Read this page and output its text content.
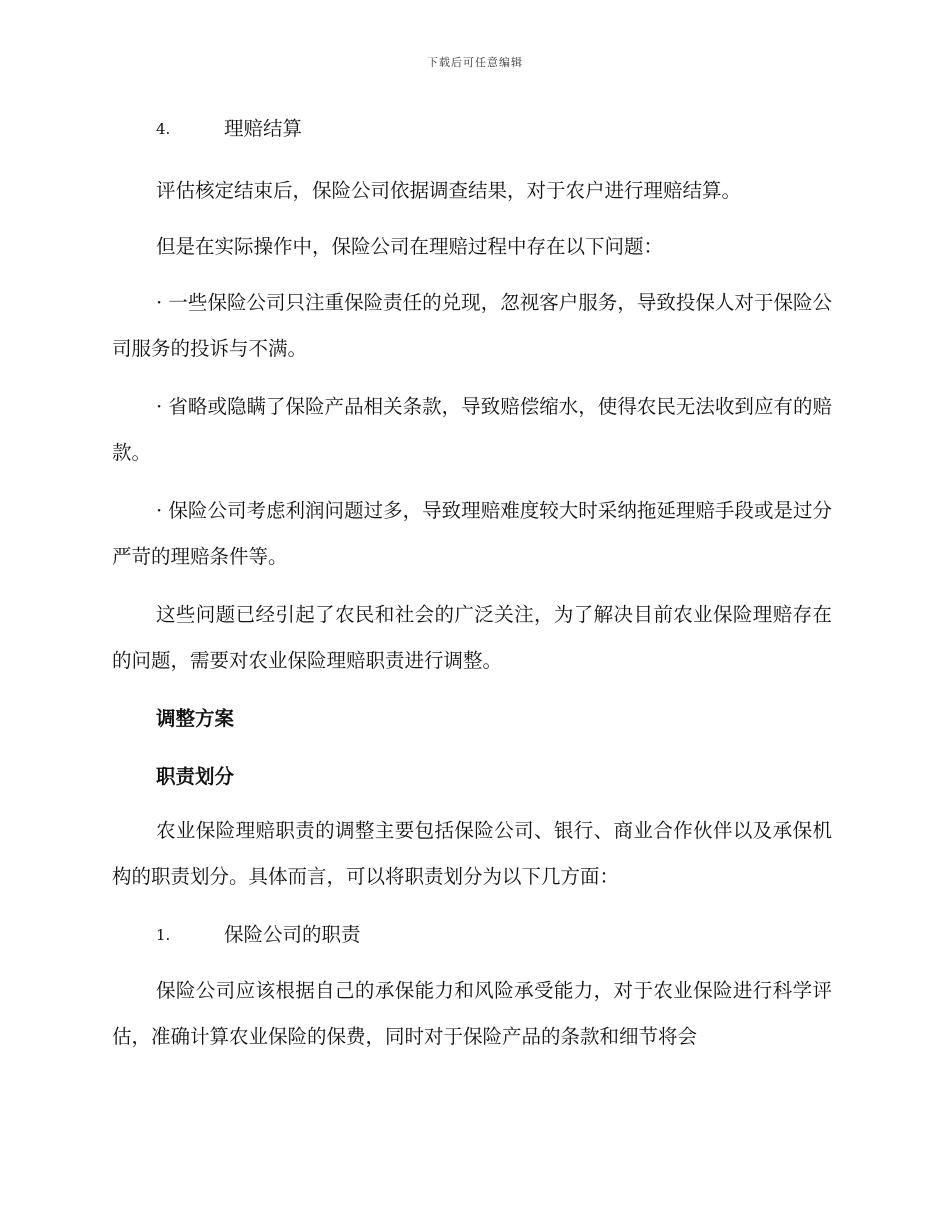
下载后可任意编辑
4.	理赔结算

评估核定结束后，保险公司依据调查结果，对于农户进行理赔结算。

但是在实际操作中，保险公司在理赔过程中存在以下问题：

· 一些保险公司只注重保险责任的兑现，忽视客户服务，导致投保人对于保险公司服务的投诉与不满。

· 省略或隐瞒了保险产品相关条款，导致赔偿缩水，使得农民无法收到应有的赔款。

· 保险公司考虑利润问题过多，导致理赔难度较大时采纳拖延理赔手段或是过分严苛的理赔条件等。

这些问题已经引起了农民和社会的广泛关注，为了解决目前农业保险理赔存在的问题，需要对农业保险理赔职责进行调整。

调整方案
职责划分

农业保险理赔职责的调整主要包括保险公司、银行、商业合作伙伴以及承保机构的职责划分。具体而言，可以将职责划分为以下几方面：

1.	保险公司的职责

保险公司应该根据自己的承保能力和风险承受能力，对于农业保险进行科学评估，准确计算农业保险的保费，同时对于保险产品的条款和细节将会
